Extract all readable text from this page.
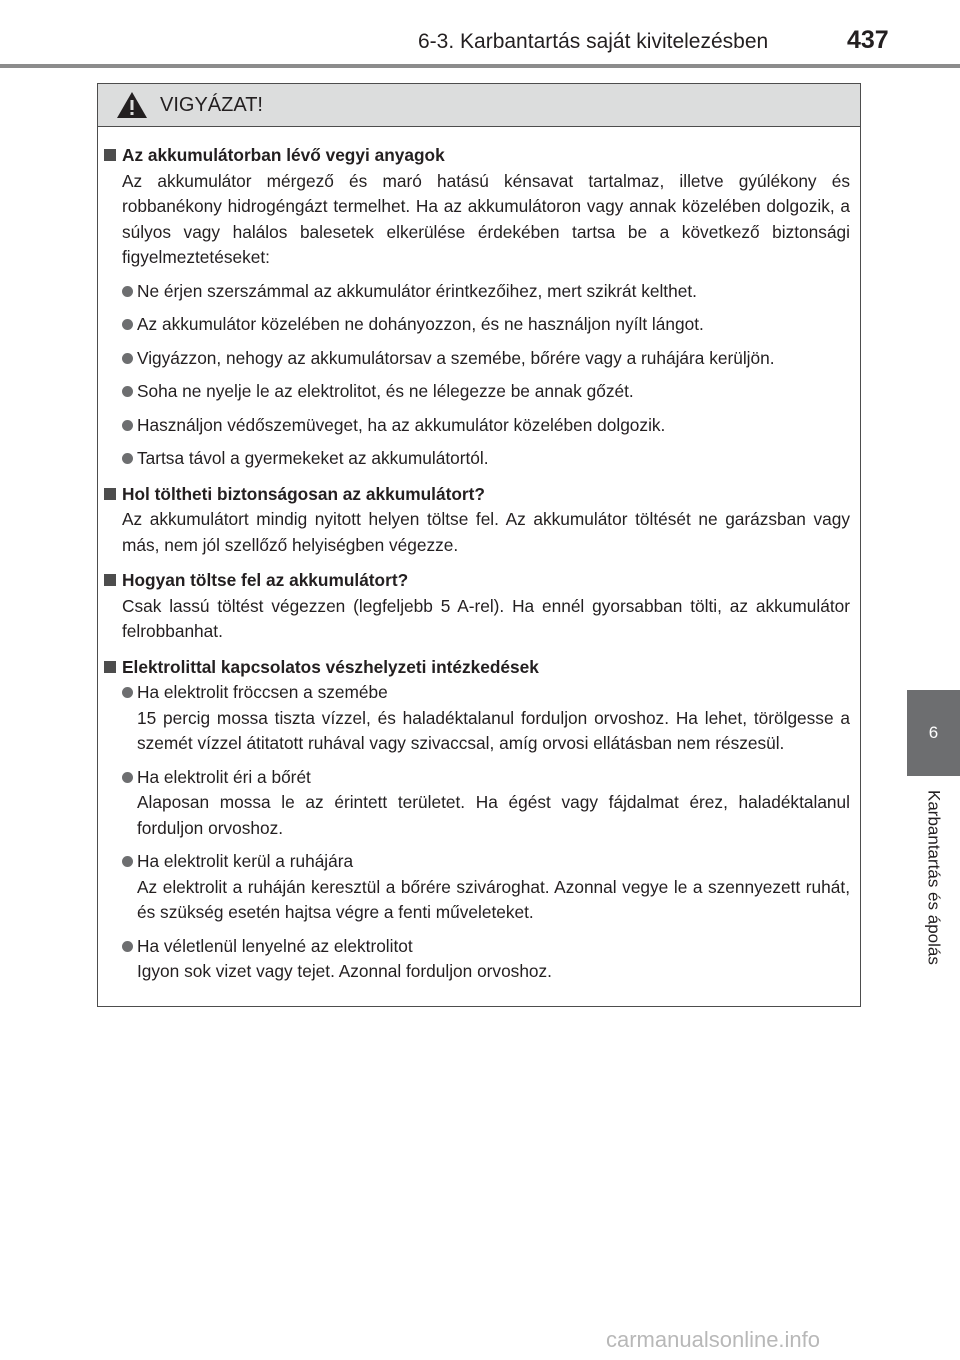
6-3. Karbantartás saját kivitelezésben	437
6
Karbantartás és ápolás
VIGYÁZAT!
Az akkumulátorban lévő vegyi anyagok
Az akkumulátor mérgező és maró hatású kénsavat tartalmaz, illetve gyúlékony és robbanékony hidrogéngázt termelhet. Ha az akkumulátoron vagy annak közelében dolgozik, a súlyos vagy halálos balesetek elkerülése érdekében tartsa be a következő biztonsági figyelmeztetéseket:
Ne érjen szerszámmal az akkumulátor érintkezőihez, mert szikrát kelthet.
Az akkumulátor közelében ne dohányozzon, és ne használjon nyílt lángot.
Vigyázzon, nehogy az akkumulátorsav a szemébe, bőrére vagy a ruhájára kerüljön.
Soha ne nyelje le az elektrolitot, és ne lélegezze be annak gőzét.
Használjon védőszemüveget, ha az akkumulátor közelében dolgozik.
Tartsa távol a gyermekeket az akkumulátortól.
Hol töltheti biztonságosan az akkumulátort?
Az akkumulátort mindig nyitott helyen töltse fel. Az akkumulátor töltését ne garázsban vagy más, nem jól szellőző helyiségben végezze.
Hogyan töltse fel az akkumulátort?
Csak lassú töltést végezzen (legfeljebb 5 A-rel). Ha ennél gyorsabban tölti, az akkumulátor felrobbanhat.
Elektrolittal kapcsolatos vészhelyzeti intézkedések
Ha elektrolit fröccsen a szemébe
15 percig mossa tiszta vízzel, és haladéktalanul forduljon orvoshoz. Ha lehet, törölgesse a szemét vízzel átitatott ruhával vagy szivaccsal, amíg orvosi ellátásban nem részesül.
Ha elektrolit éri a bőrét
Alaposan mossa le az érintett területet. Ha égést vagy fájdalmat érez, haladéktalanul forduljon orvoshoz.
Ha elektrolit kerül a ruhájára
Az elektrolit a ruháján keresztül a bőrére szivároghat. Azonnal vegye le a szennyezett ruhát, és szükség esetén hajtsa végre a fenti műveleteket.
Ha véletlenül lenyelné az elektrolitot
Igyon sok vizet vagy tejet. Azonnal forduljon orvoshoz.
carmanualsonline.info
